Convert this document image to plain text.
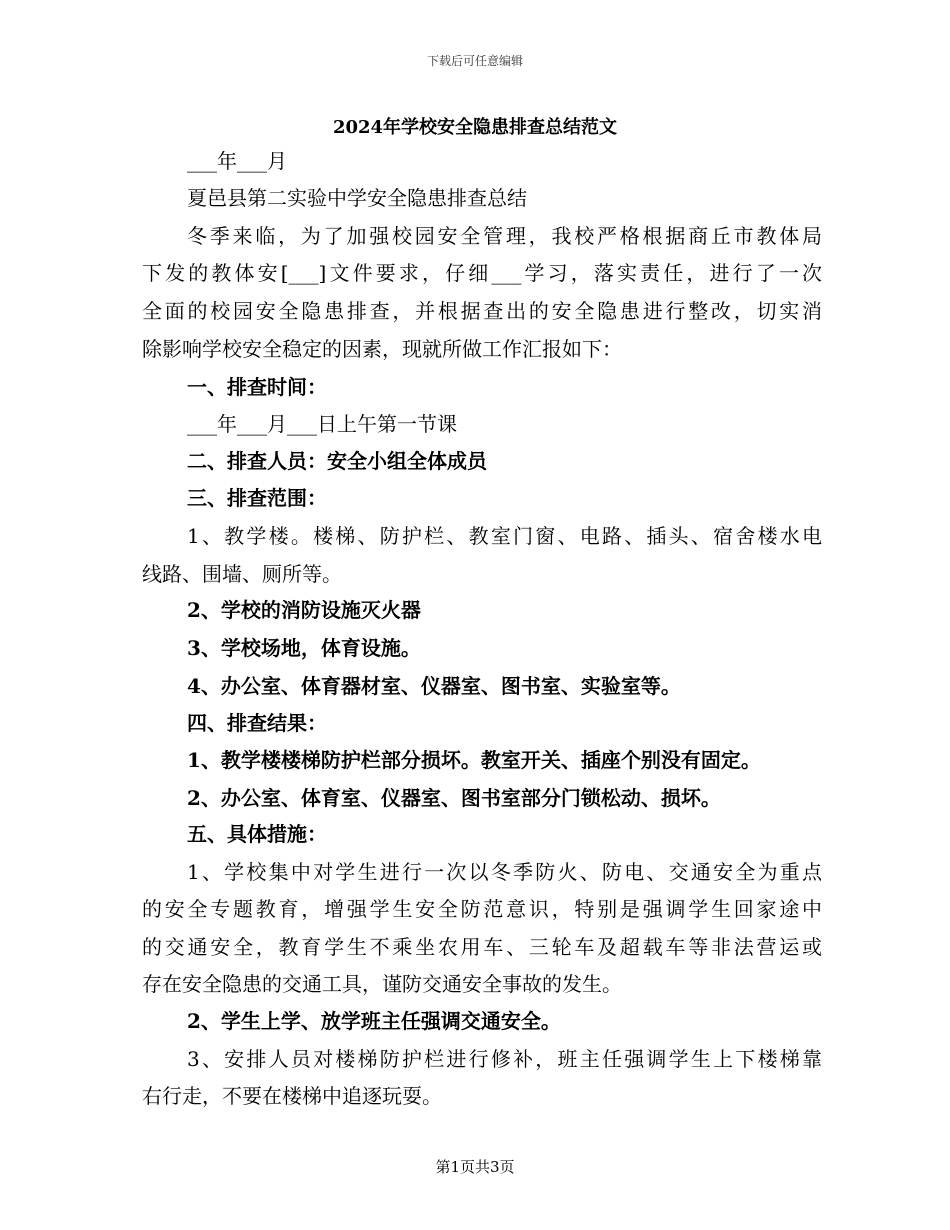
下载后可任意编辑
2024年学校安全隐患排查总结范文
___年___月
夏邑县第二实验中学安全隐患排查总结
冬季来临，为了加强校园安全管理，我校严格根据商丘市教体局
下发的教体安[___]文件要求，仔细___学习，落实责任，进行了一次
全面的校园安全隐患排查，并根据查出的安全隐患进行整改，切实消
除影响学校安全稳定的因素，现就所做工作汇报如下：
一、排查时间：
___年___月___日上午第一节课
二、排查人员：安全小组全体成员
三、排查范围：
1、教学楼。楼梯、防护栏、教室门窗、电路、插头、宿舍楼水电
线路、围墙、厕所等。
2、学校的消防设施灭火器
3、学校场地，体育设施。
4、办公室、体育器材室、仪器室、图书室、实验室等。
四、排查结果：
1、教学楼楼梯防护栏部分损坏。教室开关、插座个别没有固定。
2、办公室、体育室、仪器室、图书室部分门锁松动、损坏。
五、具体措施：
1、学校集中对学生进行一次以冬季防火、防电、交通安全为重点
的安全专题教育，增强学生安全防范意识，特别是强调学生回家途中
的交通安全，教育学生不乘坐农用车、三轮车及超载车等非法营运或
存在安全隐患的交通工具，谨防交通安全事故的发生。
2、学生上学、放学班主任强调交通安全。
3、安排人员对楼梯防护栏进行修补，班主任强调学生上下楼梯靠
右行走，不要在楼梯中追逐玩耍。
第1页共3页
